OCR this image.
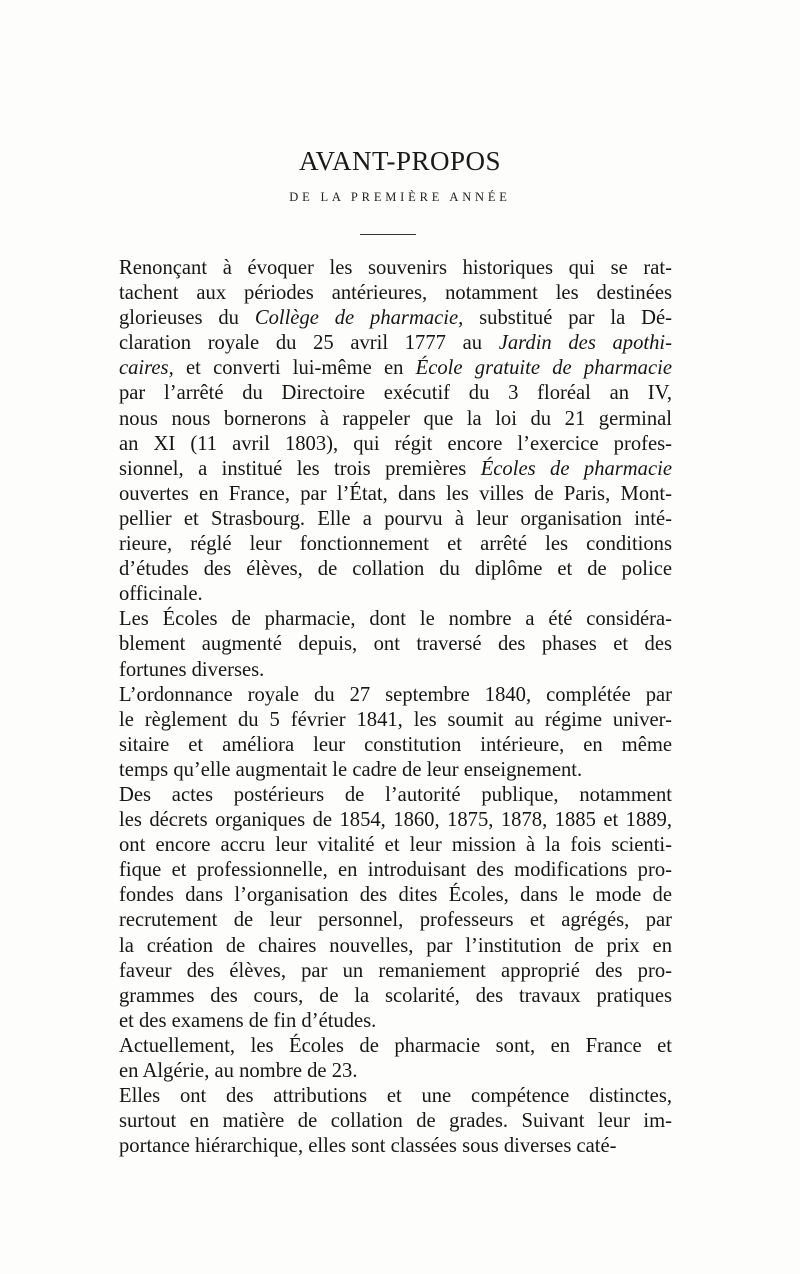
AVANT-PROPOS
DE LA PREMIÈRE ANNÉE
Renonçant à évoquer les souvenirs historiques qui se rat-
tachent aux périodes antérieures, notamment les destinées
glorieuses du Collège de pharmacie, substitué par la Dé-
claration royale du 25 avril 1777 au Jardin des apothi-
caires, et converti lui-même en École gratuite de pharmacie
par l’arrêté du Directoire exécutif du 3 floréal an IV,
nous nous bornerons à rappeler que la loi du 21 germinal
an XI (11 avril 1803), qui régit encore l’exercice profes-
sionnel, a institué les trois premières Écoles de pharmacie
ouvertes en France, par l’État, dans les villes de Paris, Mont-
pellier et Strasbourg. Elle a pourvu à leur organisation inté-
rieure, réglé leur fonctionnement et arrêté les conditions
d’études des élèves, de collation du diplôme et de police
officinale.
Les Écoles de pharmacie, dont le nombre a été considéra-
blement augmenté depuis, ont traversé des phases et des
fortunes diverses.
L’ordonnance royale du 27 septembre 1840, complétée par
le règlement du 5 février 1841, les soumit au régime univer-
sitaire et améliora leur constitution intérieure, en même
temps qu’elle augmentait le cadre de leur enseignement.
Des actes postérieurs de l’autorité publique, notamment
les décrets organiques de 1854, 1860, 1875, 1878, 1885 et 1889,
ont encore accru leur vitalité et leur mission à la fois scienti-
fique et professionnelle, en introduisant des modifications pro-
fondes dans l’organisation des dites Écoles, dans le mode de
recrutement de leur personnel, professeurs et agrégés, par
la création de chaires nouvelles, par l’institution de prix en
faveur des élèves, par un remaniement approprié des pro-
grammes des cours, de la scolarité, des travaux pratiques
et des examens de fin d’études.
Actuellement, les Écoles de pharmacie sont, en France et
en Algérie, au nombre de 23.
Elles ont des attributions et une compétence distinctes,
surtout en matière de collation de grades. Suivant leur im-
portance hiérarchique, elles sont classées sous diverses caté-
